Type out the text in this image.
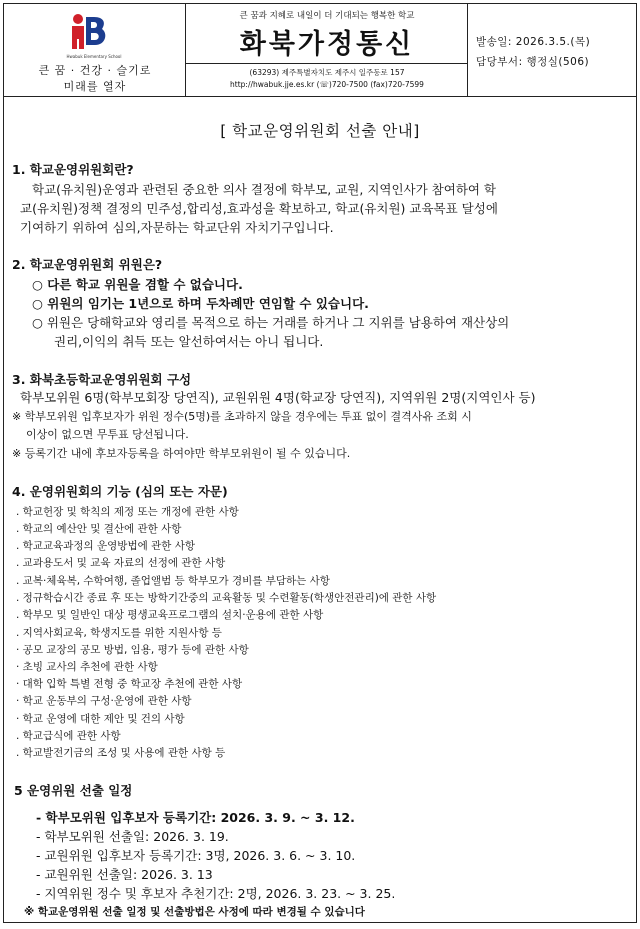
Hwabuk Elementary School
큰 꿈 · 건강 · 슬기로
미래를 열자
큰 꿈과 지혜로 내일이 더 기대되는 행복한 학교
화북가정통신
(63293) 제주특별자치도 제주시 일주동로 157
http://hwabuk.jje.es.kr (☏)720-7500 (fax)720-7599
발송일: 2026.3.5.(목)
담당부서: 행정실(506)
[ 학교운영위원회 선출 안내]
1. 학교운영위원회란?
학교(유치원)운영과 관련된 중요한 의사 결정에 학부모, 교원, 지역인사가 참여하여 학
교(유치원)정책 결정의 민주성,합리성,효과성을 확보하고, 학교(유치원) 교육목표 달성에
기여하기 위하여 심의,자문하는 학교단위 자치기구입니다.
2. 학교운영위원회 위원은?
○ 다른 학교 위원을 겸할 수 없습니다.
○ 위원의 임기는 1년으로 하며 두차례만 연임할 수 있습니다.
○ 위원은 당해학교와 영리를 목적으로 하는 거래를 하거나 그 지위를 남용하여 재산상의
권리,이익의 취득 또는 알선하여서는 아니 됩니다.
3. 화북초등학교운영위원회 구성
학부모위원 6명(학부모회장 당연직), 교원위원 4명(학교장 당연직), 지역위원 2명(지역인사 등)
※ 학부모위원 입후보자가 위원 정수(5명)를 초과하지 않을 경우에는 투표 없이 결격사유 조회 시
이상이 없으면 무투표 당선됩니다.
※ 등록기간 내에 후보자등록을 하여야만 학부모위원이 될 수 있습니다.
4. 운영위원회의 기능 (심의 또는 자문)
. 학교헌장 및 학칙의 제정 또는 개정에 관한 사항
. 학교의 예산안 및 결산에 관한 사항
. 학교교육과정의 운영방법에 관한 사항
. 교과용도서 및 교육 자료의 선정에 관한 사항
. 교복·체육복, 수학여행, 졸업앨범 등 학부모가 경비를 부담하는 사항
. 정규학습시간 종료 후 또는 방학기간중의 교육활동 및 수련활동(학생안전관리)에 관한 사항
. 학부모 및 일반인 대상 평생교육프로그램의 설치·운용에 관한 사항
. 지역사회교육, 학생지도를 위한 지원사항 등
· 공모 교장의 공모 방법, 임용, 평가 등에 관한 사항
· 초빙 교사의 추천에 관한 사항
· 대학 입학 특별 전형 중 학교장 추천에 관한 사항
· 학교 운동부의 구성·운영에 관한 사항
· 학교 운영에 대한 제안 및 건의 사항
. 학교급식에 관한 사항
. 학교발전기금의 조성 및 사용에 관한 사항 등
5 운영위원 선출 일정
- 학부모위원 입후보자 등록기간: 2026. 3. 9. ~ 3. 12.
- 학부모위원 선출일: 2026. 3. 19.
- 교원위원 입후보자 등록기간: 3명, 2026. 3. 6. ~ 3. 10.
- 교원위원 선출일: 2026. 3. 13
- 지역위원 정수 및 후보자 추천기간: 2명, 2026. 3. 23. ~ 3. 25.
※ 학교운영위원 선출 일정 및 선출방법은 사정에 따라 변경될 수 있습니다
